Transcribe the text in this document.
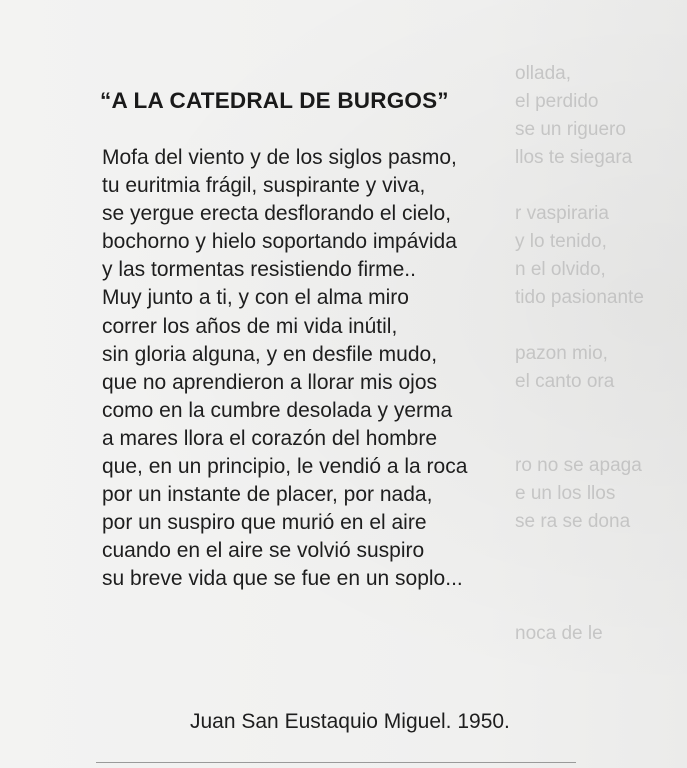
ollada,
el perdido
se un riguero
llos te siegara

r vaspiraria
y lo tenido,
n el olvido,
tido pasionante

pazon mio,
el canto ora

ro no se apaga
e un los llos
se ra se dona

noca de le
“A LA CATEDRAL DE BURGOS”
Mofa del viento y de los siglos pasmo,
tu euritmia frágil, suspirante y viva,
se yergue erecta desflorando el cielo,
bochorno y hielo soportando impávida
y las tormentas resistiendo firme..
Muy junto a ti, y con el alma miro
correr los años de mi vida inútil,
sin gloria alguna, y en desfile mudo,
que no aprendieron a llorar mis ojos
como en la cumbre desolada y yerma
a mares llora el corazón del hombre
que, en un principio, le vendió a la roca
por un instante de placer, por nada,
por un suspiro que murió en el aire
cuando en el aire se volvió suspiro
su breve vida que se fue en un soplo...
Juan San Eustaquio Miguel. 1950.
